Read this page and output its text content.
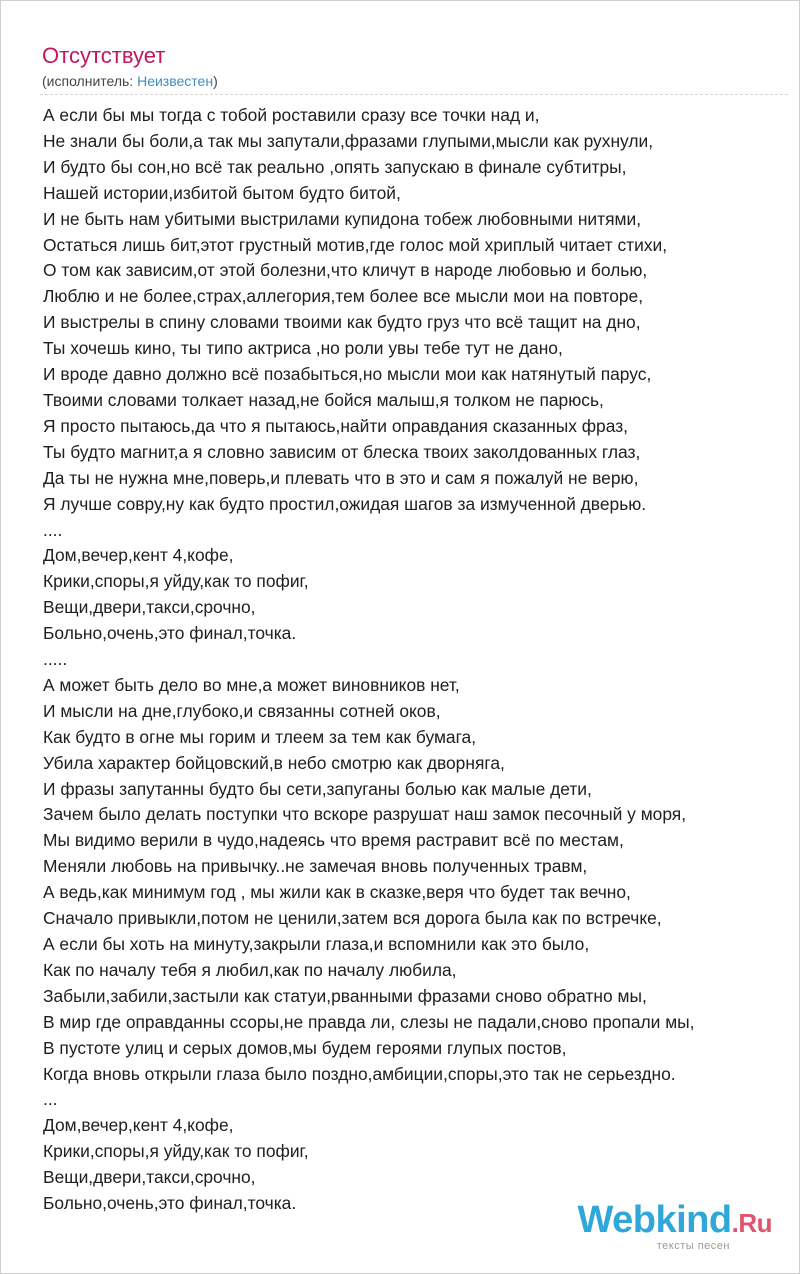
Отсутствует
(исполнитель: Неизвестен)
А если бы мы тогда с тобой роставили сразу все точки над и,
Не знали бы боли,а так мы запутали,фразами глупыми,мысли как рухнули,
И будто бы сон,но всё так реально ,опять запускаю в финале субтитры,
Нашей истории,избитой бытом будто битой,
И не быть нам убитыми выстрилами купидона тобеж любовными нитями,
Остаться лишь бит,этот грустный мотив,где голос мой хриплый читает стихи,
О том как зависим,от этой болезни,что кличут в народе любовью и болью,
Люблю и не более,страх,аллегория,тем более все мысли мои на повторе,
И выстрелы в спину словами твоими как будто груз что всё тащит на дно,
Ты хочешь кино, ты типо актриса ,но роли увы тебе тут не дано,
И вроде давно должно всё позабыться,но мысли мои как натянутый парус,
Твоими словами толкает назад,не бойся малыш,я толком не парюсь,
Я просто пытаюсь,да что я пытаюсь,найти оправдания сказанных фраз,
Ты будто магнит,а я словно зависим от блеска твоих заколдованных глаз,
Да ты не нужна мне,поверь,и плевать что в это и сам я пожалуй не верю,
Я лучше совру,ну как будто простил,ожидая шагов за измученной дверью.
....
Дом,вечер,кент 4,кофе,
Крики,споры,я уйду,как то пофиг,
Вещи,двери,такси,срочно,
Больно,очень,это финал,точка.
.....
А может быть дело во мне,а может виновников нет,
И мысли на дне,глубоко,и связанны сотней оков,
Как будто в огне мы горим и тлеем за тем как бумага,
Убила характер бойцовский,в небо смотрю как дворняга,
И фразы запутанны будто бы сети,запуганы болью как малые дети,
Зачем было делать поступки что вскоре разрушат наш замок песочный у моря,
Мы видимо верили в чудо,надеясь что время растравит всё по местам,
Меняли любовь на привычку..не замечая вновь полученных травм,
А ведь,как минимум год , мы жили как в сказке,веря что будет так вечно,
Сначало привыкли,потом не ценили,затем вся дорога была как по встречке,
А если бы хоть на минуту,закрыли глаза,и вспомнили как это было,
Как по началу тебя я любил,как по началу любила,
Забыли,забили,застыли как статуи,рванными фразами сново обратно мы,
В мир где оправданны ссоры,не правда ли, слезы не падали,сново пропали мы,
В пустоте улиц и серых домов,мы будем героями глупых постов,
Когда вновь открыли глаза было поздно,амбиции,споры,это так не серьездно.
...
Дом,вечер,кент 4,кофе,
Крики,споры,я уйду,как то пофиг,
Вещи,двери,такси,срочно,
Больно,очень,это финал,точка.	Webkind.Ru
тексты песен
